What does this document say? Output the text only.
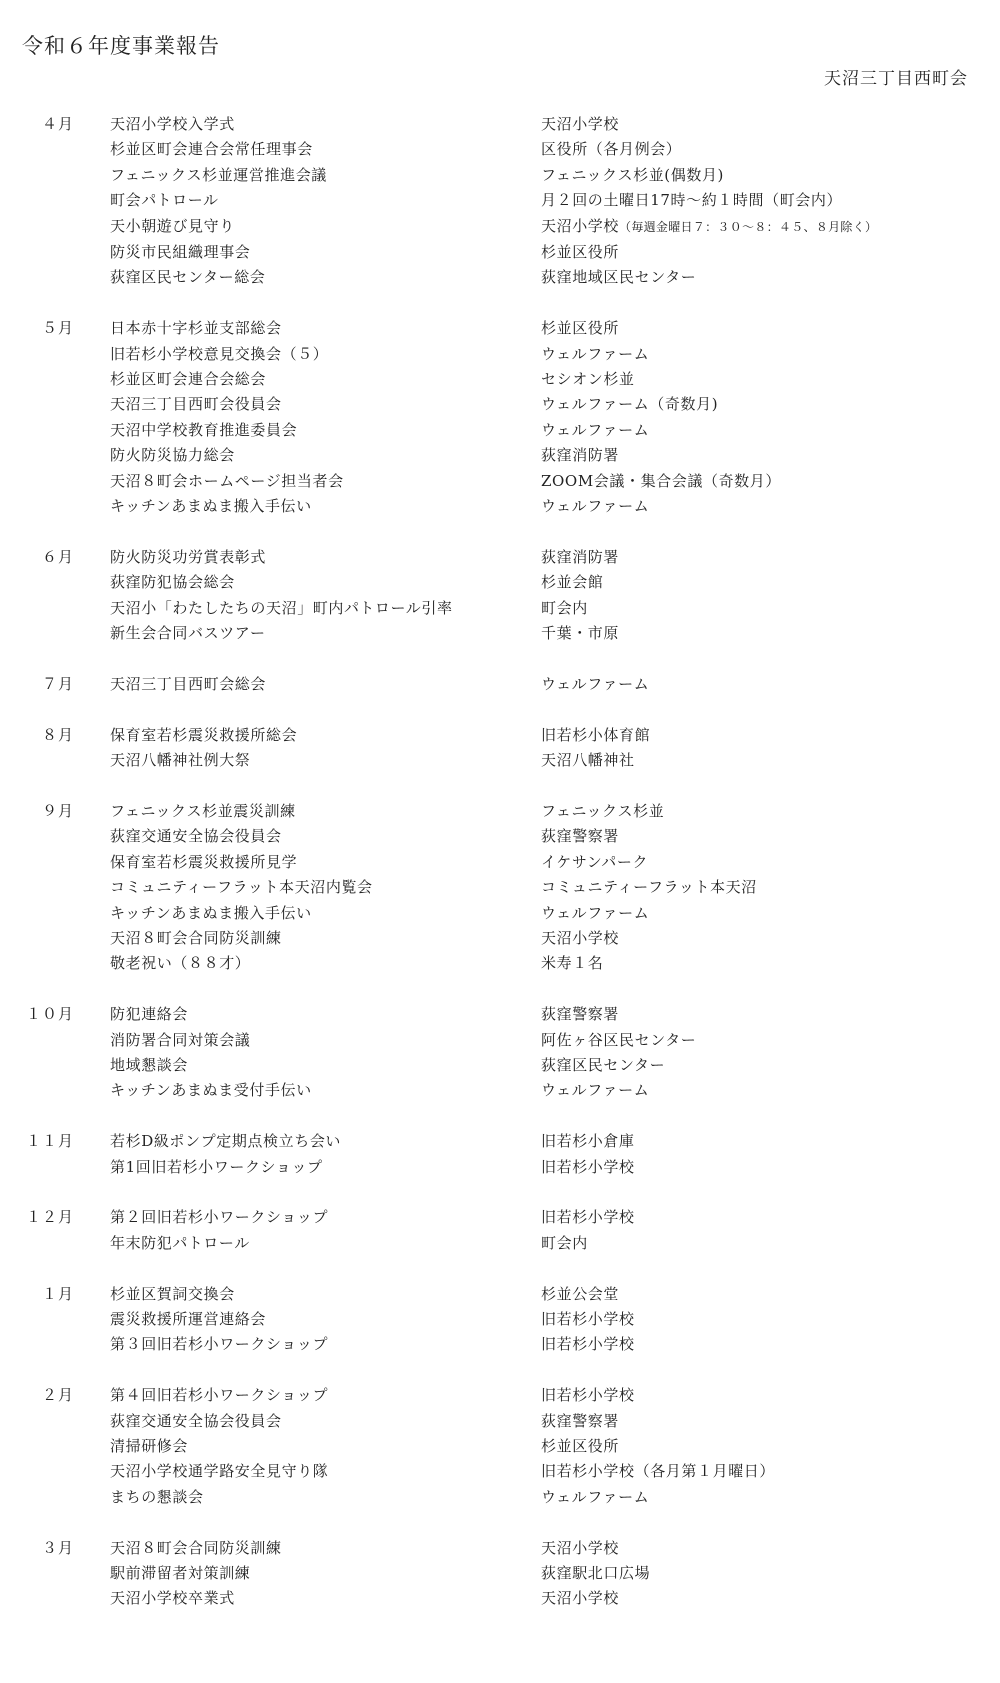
令和６年度事業報告
天沼三丁目西町会
４月	天沼小学校入学式	天沼小学校
杉並区町会連合会常任理事会	区役所（各月例会）
フェニックス杉並運営推進会議	フェニックス杉並(偶数月)
町会パトロール	月２回の土曜日17時～約１時間（町会内）
天小朝遊び見守り	天沼小学校（毎週金曜日７：３０～８：４５、８月除く）
防災市民組織理事会	杉並区役所
荻窪区民センター総会	荻窪地域区民センター
５月	日本赤十字杉並支部総会	杉並区役所
旧若杉小学校意見交換会（５）	ウェルファーム
杉並区町会連合会総会	セシオン杉並
天沼三丁目西町会役員会	ウェルファーム（奇数月)
天沼中学校教育推進委員会	ウェルファーム
防火防災協力総会	荻窪消防署
天沼８町会ホームページ担当者会	ZOOM会議・集合会議（奇数月）
キッチンあまぬま搬入手伝い	ウェルファーム
６月	防火防災功労賞表彰式	荻窪消防署
荻窪防犯協会総会	杉並会館
天沼小「わたしたちの天沼」町内パトロール引率	町会内
新生会合同バスツアー	千葉・市原
７月	天沼三丁目西町会総会	ウェルファーム
８月	保育室若杉震災救援所総会	旧若杉小体育館
天沼八幡神社例大祭	天沼八幡神社
９月	フェニックス杉並震災訓練	フェニックス杉並
荻窪交通安全協会役員会	荻窪警察署
保育室若杉震災救援所見学	イケサンパーク
コミュニティーフラット本天沼内覧会	コミュニティーフラット本天沼
キッチンあまぬま搬入手伝い	ウェルファーム
天沼８町会合同防災訓練	天沼小学校
敬老祝い（８８才）	米寿１名
１０月	防犯連絡会	荻窪警察署
消防署合同対策会議	阿佐ヶ谷区民センター
地域懇談会	荻窪区民センター
キッチンあまぬま受付手伝い	ウェルファーム
１１月	若杉D級ポンプ定期点検立ち会い	旧若杉小倉庫
第1回旧若杉小ワークショップ	旧若杉小学校
１２月	第２回旧若杉小ワークショップ	旧若杉小学校
年末防犯パトロール	町会内
１月	杉並区賀詞交換会	杉並公会堂
震災救援所運営連絡会	旧若杉小学校
第３回旧若杉小ワークショップ	旧若杉小学校
２月	第４回旧若杉小ワークショップ	旧若杉小学校
荻窪交通安全協会役員会	荻窪警察署
清掃研修会	杉並区役所
天沼小学校通学路安全見守り隊	旧若杉小学校（各月第１月曜日）
まちの懇談会	ウェルファーム
３月	天沼８町会合同防災訓練	天沼小学校
駅前滞留者対策訓練	荻窪駅北口広場
天沼小学校卒業式	天沼小学校
